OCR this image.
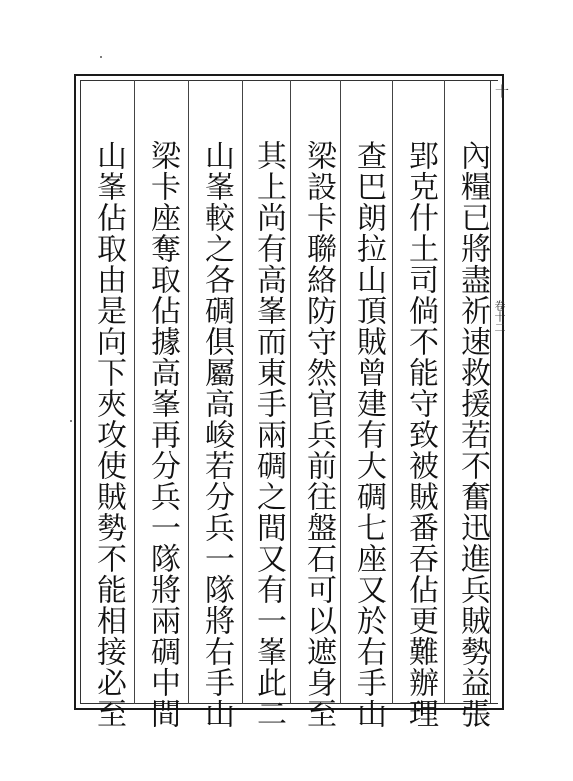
十
卷十二
內糧已將盡祈速救援若不奮迅進兵賊勢益張
郢克什土司倘不能守致被賊番吞佔更難辦理
查巴朗拉山頂賊曾建有大碉七座又於右手山
梁設卡聯絡防守然官兵前往盤石可以遮身至
其上尚有高峯而東手兩碉之間又有一峯此二
山峯較之各碉俱屬高峻若分兵一隊將右手山
梁卡座奪取佔據高峯再分兵一隊將兩碉中間
山峯佔取由是向下夾攻使賊勢不能相接必至
